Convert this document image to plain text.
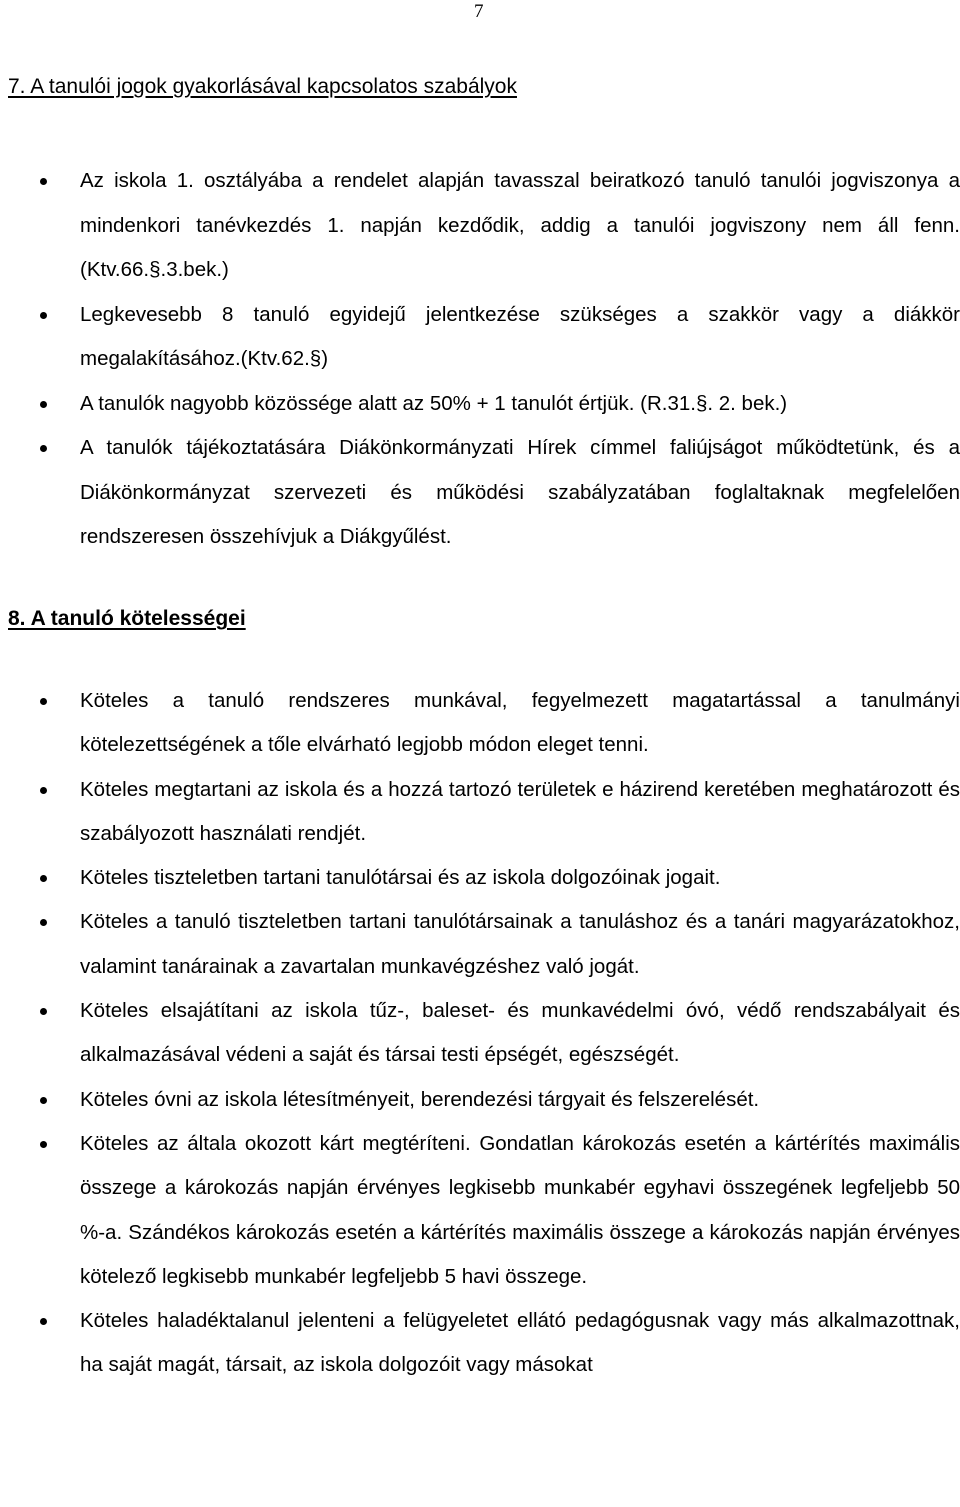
7
7. A tanulói jogok gyakorlásával kapcsolatos szabályok
Az iskola 1. osztályába a rendelet alapján tavasszal beiratkozó tanuló tanulói jogviszonya a mindenkori tanévkezdés 1. napján kezdődik, addig a tanulói jogviszony nem áll fenn. (Ktv.66.§.3.bek.)
Legkevesebb 8 tanuló egyidejű jelentkezése szükséges a szakkör vagy a diákkör megalakításához.(Ktv.62.§)
A tanulók nagyobb közössége alatt az 50% + 1 tanulót értjük. (R.31.§. 2. bek.)
A tanulók tájékoztatására Diákönkormányzati Hírek címmel faliújságot működtetünk, és a Diákönkormányzat szervezeti és működési szabályzatában foglaltaknak megfelelően rendszeresen összehívjuk a Diákgyűlést.
8. A tanuló kötelességei
Köteles a tanuló rendszeres munkával, fegyelmezett magatartással a tanulmányi kötelezettségének a tőle elvárható legjobb módon eleget tenni.
Köteles megtartani az iskola és a hozzá tartozó területek e házirend keretében meghatározott és szabályozott használati rendjét.
Köteles tiszteletben tartani tanulótársai és az iskola dolgozóinak jogait.
Köteles a tanuló tiszteletben tartani tanulótársainak a tanuláshoz és a tanári magyarázatokhoz, valamint tanárainak a zavartalan munkavégzéshez való jogát.
Köteles elsajátítani az iskola tűz-, baleset- és munkavédelmi óvó, védő rendszabályait és alkalmazásával védeni a saját és társai testi épségét, egészségét.
Köteles óvni az iskola létesítményeit, berendezési tárgyait és felszerelését.
Köteles az általa okozott kárt megtéríteni. Gondatlan károkozás esetén a kártérítés maximális összege a károkozás napján érvényes legkisebb munkabér egyhavi összegének legfeljebb 50 %-a. Szándékos károkozás esetén a kártérítés maximális összege a károkozás napján érvényes kötelező legkisebb munkabér legfeljebb 5 havi összege.
Köteles haladéktalanul jelenteni a felügyeletet ellátó pedagógusnak vagy más alkalmazottnak, ha saját magát, társait, az iskola dolgozóit vagy másokat
